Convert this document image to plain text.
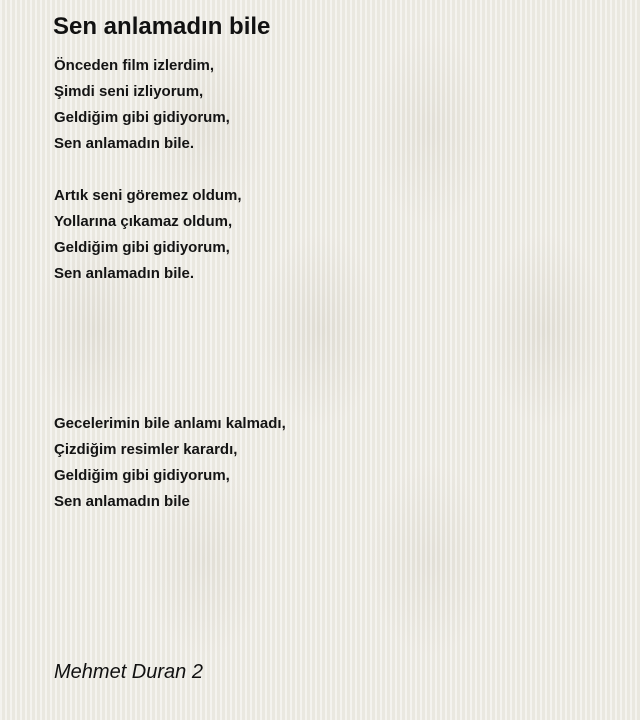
Sen anlamadın bile
Önceden film izlerdim,
Şimdi seni izliyorum,
Geldiğim gibi gidiyorum,
Sen anlamadın bile.
Artık seni göremez oldum,
Yollarına çıkamaz oldum,
Geldiğim gibi gidiyorum,
Sen anlamadın bile.
Gecelerimin bile anlamı kalmadı,
Çizdiğim resimler karardı,
Geldiğim gibi gidiyorum,
Sen anlamadın bile
Mehmet Duran 2
